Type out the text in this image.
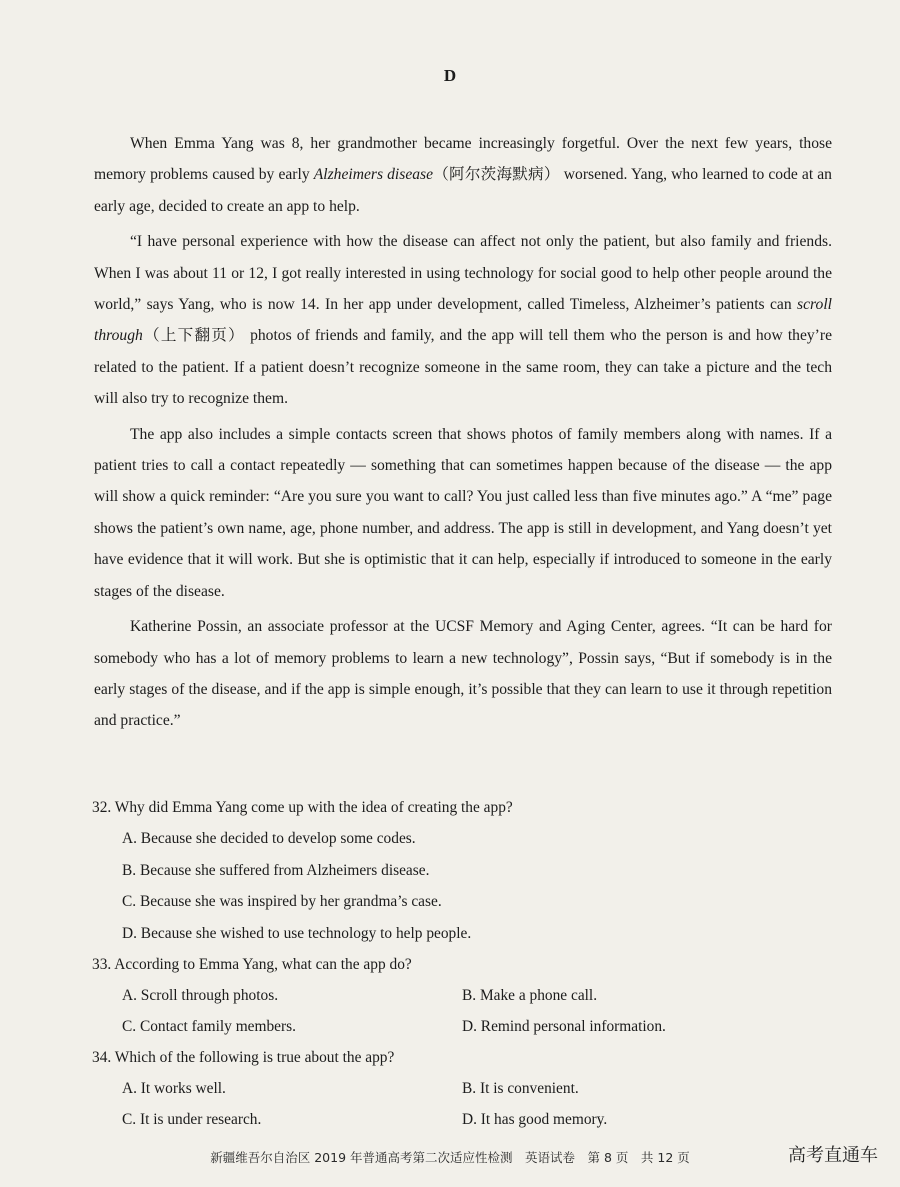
D

When Emma Yang was 8, her grandmother became increasingly forgetful. Over the next few years, those memory problems caused by early Alzheimers disease（阿尔茨海默病） worsened. Yang, who learned to code at an early age, decided to create an app to help.

“I have personal experience with how the disease can affect not only the patient, but also family and friends. When I was about 11 or 12, I got really interested in using technology for social good to help other people around the world,” says Yang, who is now 14. In her app under development, called Timeless, Alzheimer’s patients can scroll through（上下翻页） photos of friends and family, and the app will tell them who the person is and how they’re related to the patient. If a patient doesn’t recognize someone in the same room, they can take a picture and the tech will also try to recognize them.

The app also includes a simple contacts screen that shows photos of family members along with names. If a patient tries to call a contact repeatedly — something that can sometimes happen because of the disease — the app will show a quick reminder: “Are you sure you want to call? You just called less than five minutes ago.” A “me” page shows the patient’s own name, age, phone number, and address. The app is still in development, and Yang doesn’t yet have evidence that it will work. But she is optimistic that it can help, especially if introduced to someone in the early stages of the disease.

Katherine Possin, an associate professor at the UCSF Memory and Aging Center, agrees. “It can be hard for somebody who has a lot of memory problems to learn a new technology”, Possin says, “But if somebody is in the early stages of the disease, and if the app is simple enough, it’s possible that they can learn to use it through repetition and practice.”

32. Why did Emma Yang come up with the idea of creating the app?
A. Because she decided to develop some codes.
B. Because she suffered from Alzheimers disease.
C. Because she was inspired by her grandma’s case.
D. Because she wished to use technology to help people.
33. According to Emma Yang, what can the app do?
A. Scroll through photos.	B. Make a phone call.
C. Contact family members.	D. Remind personal information.
34. Which of the following is true about the app?
A. It works well.	B. It is convenient.
C. It is under research.	D. It has good memory.
新疆维吾尔自治区 2019 年普通高考第二次适应性检测　英语试卷　第 8 页　共 12 页	高考直通车
